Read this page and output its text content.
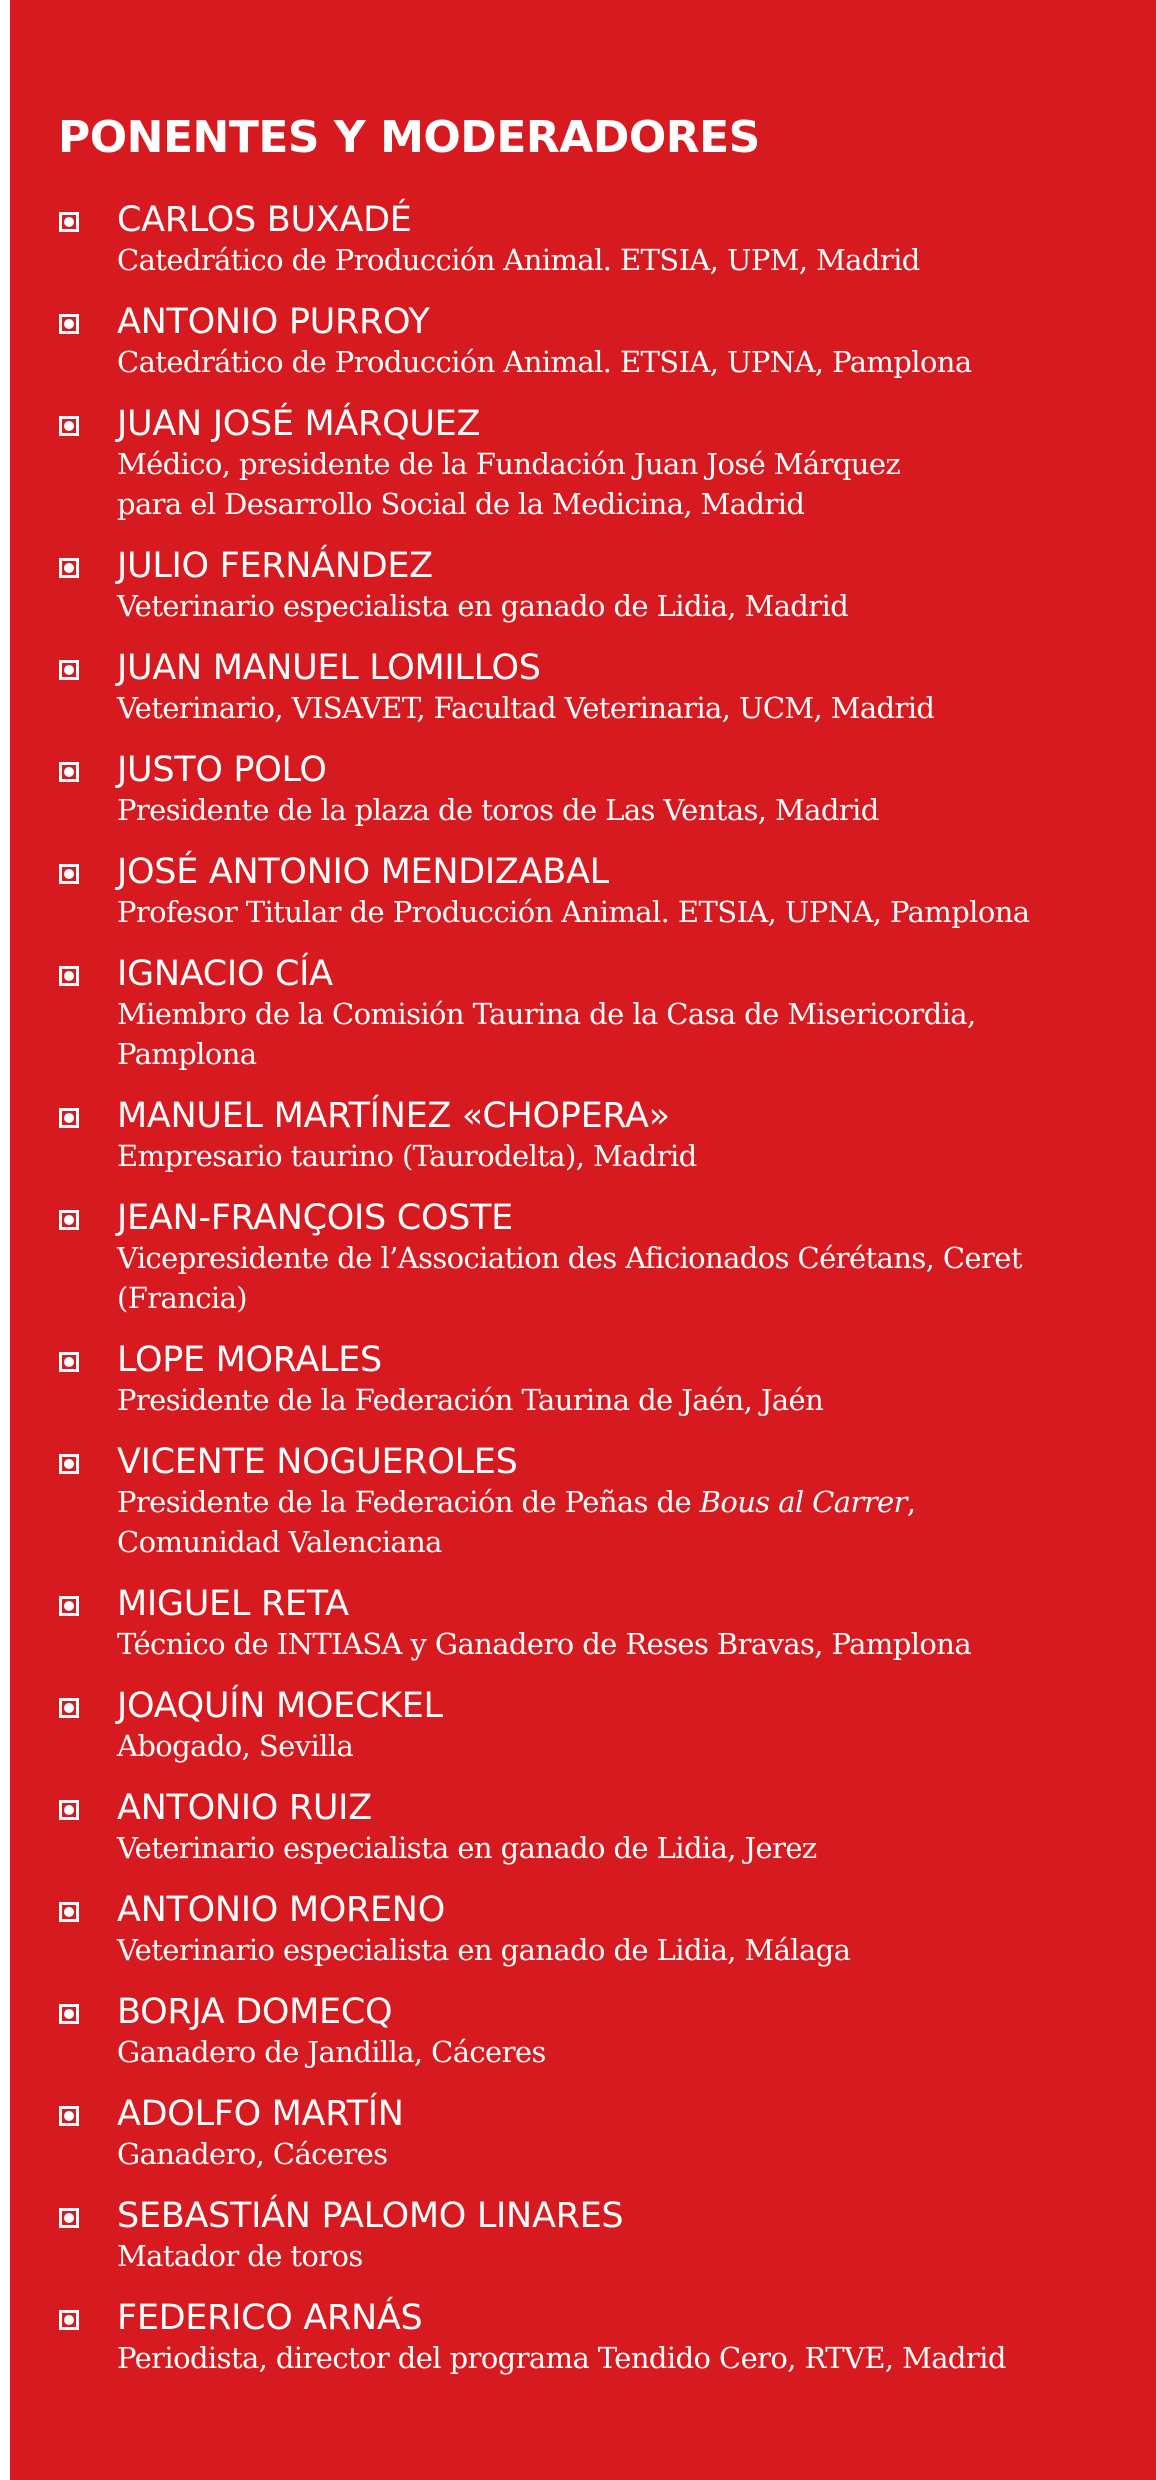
PONENTES Y MODERADORES
CARLOS BUXADÉ
Catedrático de Producción Animal. ETSIA, UPM, Madrid
ANTONIO PURROY
Catedrático de Producción Animal. ETSIA, UPNA, Pamplona
JUAN JOSÉ MÁRQUEZ
Médico, presidente de la Fundación Juan José Márquez
para el Desarrollo Social de la Medicina, Madrid
JULIO FERNÁNDEZ
Veterinario especialista en ganado de Lidia, Madrid
JUAN MANUEL LOMILLOS
Veterinario, VISAVET, Facultad Veterinaria, UCM, Madrid
JUSTO POLO
Presidente de la plaza de toros de Las Ventas, Madrid
JOSÉ ANTONIO MENDIZABAL
Profesor Titular de Producción Animal. ETSIA, UPNA, Pamplona
IGNACIO CÍA
Miembro de la Comisión Taurina de la Casa de Misericordia,
Pamplona
MANUEL MARTÍNEZ «CHOPERA»
Empresario taurino (Taurodelta), Madrid
JEAN-FRANÇOIS COSTE
Vicepresidente de l’Association des Aficionados Cérétans, Ceret
(Francia)
LOPE MORALES
Presidente de la Federación Taurina de Jaén, Jaén
VICENTE NOGUEROLES
Presidente de la Federación de Peñas de Bous al Carrer,
Comunidad Valenciana
MIGUEL RETA
Técnico de INTIASA y Ganadero de Reses Bravas, Pamplona
JOAQUÍN MOECKEL
Abogado, Sevilla
ANTONIO RUIZ
Veterinario especialista en ganado de Lidia, Jerez
ANTONIO MORENO
Veterinario especialista en ganado de Lidia, Málaga
BORJA DOMECQ
Ganadero de Jandilla, Cáceres
ADOLFO MARTÍN
Ganadero, Cáceres
SEBASTIÁN PALOMO LINARES
Matador de toros
FEDERICO ARNÁS
Periodista, director del programa Tendido Cero, RTVE, Madrid
